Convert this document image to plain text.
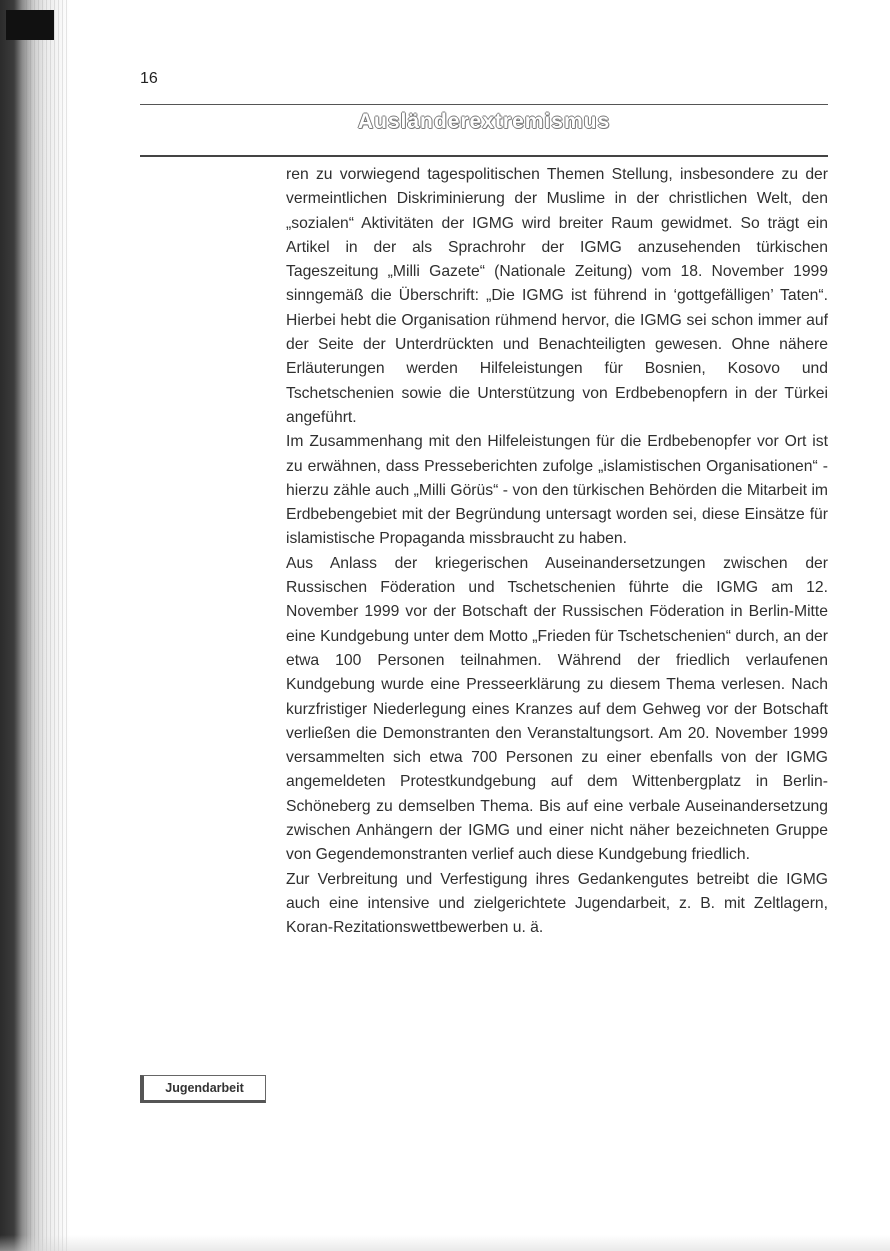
16
Ausländerextremismus

ren zu vorwiegend tagespolitischen Themen Stellung, insbesondere zu der vermeintlichen Diskriminierung der Muslime in der christlichen Welt, den „sozialen“ Aktivitäten der IGMG wird breiter Raum gewidmet. So trägt ein Artikel in der als Sprachrohr der IGMG anzusehenden türkischen Tageszeitung „Milli Gazete“ (Nationale Zeitung) vom 18. November 1999 sinngemäß die Überschrift: „Die IGMG ist führend in ‘gottgefälligen’ Taten“. Hierbei hebt die Organisation rühmend hervor, die IGMG sei schon immer auf der Seite der Unterdrückten und Benachteiligten gewesen. Ohne nähere Erläuterungen werden Hilfeleistungen für Bosnien, Kosovo und Tschetschenien sowie die Unterstützung von Erdbebenopfern in der Türkei angeführt.

Im Zusammenhang mit den Hilfeleistungen für die Erdbebenopfer vor Ort ist zu erwähnen, dass Presseberichten zufolge „islamistischen Organisationen“ - hierzu zähle auch „Milli Görüs“ - von den türkischen Behörden die Mitarbeit im Erdbebengebiet mit der Begründung untersagt worden sei, diese Einsätze für islamistische Propaganda missbraucht zu haben.

Aus Anlass der kriegerischen Auseinandersetzungen zwischen der Russischen Föderation und Tschetschenien führte die IGMG am 12. November 1999 vor der Botschaft der Russischen Föderation in Berlin-Mitte eine Kundgebung unter dem Motto „Frieden für Tschetschenien“ durch, an der etwa 100 Personen teilnahmen. Während der friedlich verlaufenen Kundgebung wurde eine Presseerklärung zu diesem Thema verlesen. Nach kurzfristiger Niederlegung eines Kranzes auf dem Gehweg vor der Botschaft verließen die Demonstranten den Veranstaltungsort. Am 20. November 1999 versammelten sich etwa 700 Personen zu einer ebenfalls von der IGMG angemeldeten Protestkundgebung auf dem Wittenbergplatz in Berlin-Schöneberg zu demselben Thema. Bis auf eine verbale Auseinandersetzung zwischen Anhängern der IGMG und einer nicht näher bezeichneten Gruppe von Gegendemonstranten verlief auch diese Kundgebung friedlich.

Zur Verbreitung und Verfestigung ihres Gedankengutes betreibt die IGMG auch eine intensive und zielgerichtete Jugendarbeit, z. B. mit Zeltlagern, Koran-Rezitationswettbewerben u. ä.

Jugendarbeit
